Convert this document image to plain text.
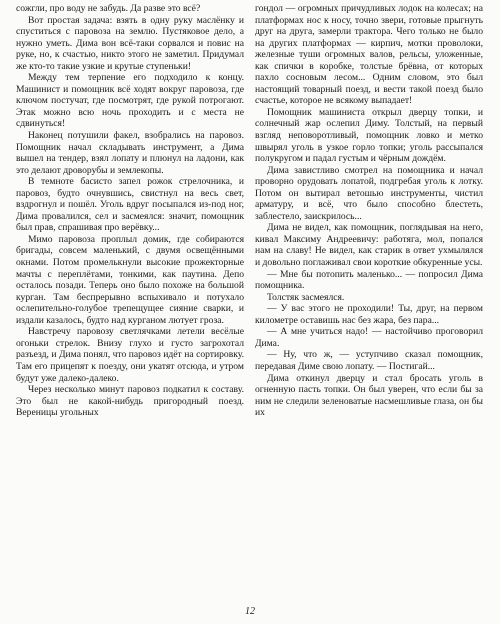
сожгли, про воду не забудь. Да разве это всё?

Вот простая задача: взять в одну руку маслёнку и спуститься с паровоза на землю. Пустяковое дело, а нужно уметь. Дима вон всё-таки сорвался и повис на руке, но, к счастью, никто этого не заметил. Придумал же кто-то такие узкие и крутые ступеньки!

Между тем терпение его подходило к концу. Машинист и помощник всё ходят вокруг паровоза, где ключом постучат, где посмотрят, где рукой потрогают. Этак можно всю ночь проходить и с места не сдвинуться!

Наконец потушили факел, взобрались на паровоз. Помощник начал складывать инструмент, а Дима вышел на тендер, взял лопату и плюнул на ладони, как это делают дроворубы и землекопы.

В темноте басисто запел рожок стрелочника, и паровоз, будто очнувшись, свистнул на весь свет, вздрогнул и пошёл. Уголь вдруг посыпался из-под ног, Дима провалился, сел и засмеялся: значит, помощник был прав, спрашивая про верёвку...

Мимо паровоза проплыл домик, где собираются бригады, совсем маленький, с двумя освещёнными окнами. Потом промелькнули высокие прожекторные мачты с переплётами, тонкими, как паутина. Депо осталось позади. Теперь оно было похоже на большой курган. Там беспрерывно вспыхивало и потухало ослепительно-голубое трепещущее сияние сварки, и издали казалось, будто над курганом лютует гроза.

Навстречу паровозу светлячками летели весёлые огоньки стрелок. Внизу глухо и густо загрохотал разъезд, и Дима понял, что паровоз идёт на сортировку. Там его прицепят к поезду, они укатят отсюда, и утром будут уже далеко-далеко.

Через несколько минут паровоз подкатил к составу. Это был не какой-нибудь пригородный поезд. Вереницы угольных

гондол — огромных причудливых лодок на колесах; на платформах нос к носу, точно звери, готовые прыгнуть друг на друга, замерли трактора. Чего только не было на других платформах — кирпич, мотки проволоки, железные туши огромных валов, рельсы, уложенные, как спички в коробке, толстые брёвна, от которых пахло сосновым лесом... Одним словом, это был настоящий товарный поезд, и вести такой поезд было счастье, которое не всякому выпадает!

Помощник машиниста открыл дверцу топки, и солнечный жар ослепил Диму. Толстый, на первый взгляд неповоротливый, помощник ловко и метко швырял уголь в узкое горло топки; уголь рассыпался полукругом и падал густым и чёрным дождём.

Дима завистливо смотрел на помощника и начал проворно орудовать лопатой, подгребая уголь к лотку. Потом он вытирал ветошью инструменты, чистил арматуру, и всё, что было способно блестеть, заблестело, заискрилось...

Дима не видел, как помощник, поглядывая на него, кивал Максиму Андреевичу: работяга, мол, попался нам на славу! Не видел, как старик в ответ ухмылялся и довольно поглаживал свои короткие обкуренные усы.

— Мне бы потопить маленько... — попросил Дима помощника.

Толстяк засмеялся.

— У вас этого не проходили! Ты, друг, на первом километре оставишь нас без жара, без пара...

— А мне учиться надо! — настойчиво проговорил Дима.

— Ну, что ж, — уступчиво сказал помощник, передавая Диме свою лопату. — Постигай...

Дима откинул дверцу и стал бросать уголь в огненную пасть топки. Он был уверен, что если бы за ним не следили зеленоватые насмешливые глаза, он бы их

12
